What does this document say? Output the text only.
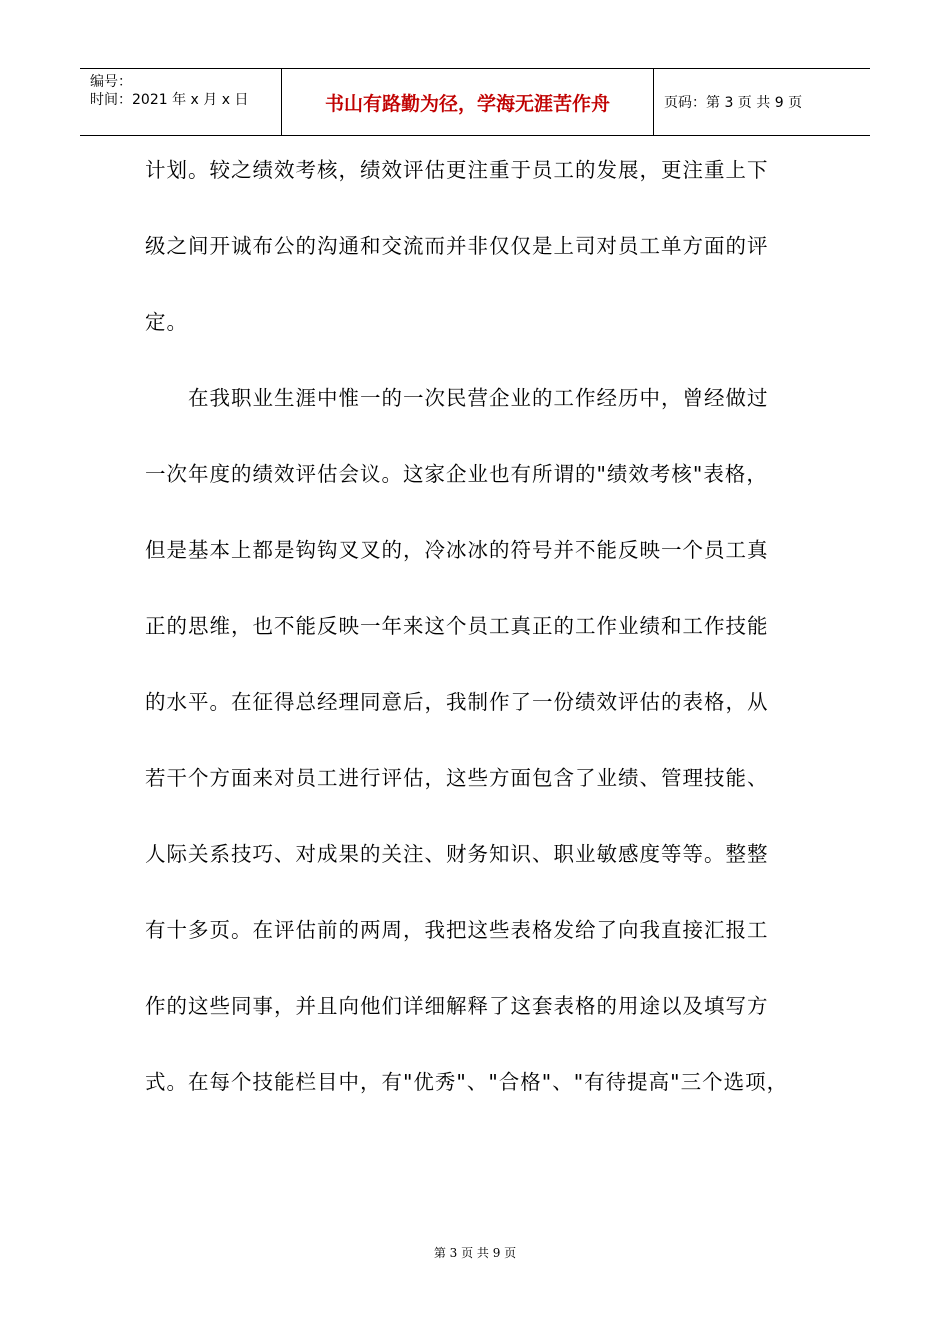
编号：
时间：2021 年 x 月 x 日	书山有路勤为径，学海无涯苦作舟	页码：第 3 页 共 9 页
计划。较之绩效考核，绩效评估更注重于员工的发展，更注重上下
级之间开诚布公的沟通和交流而并非仅仅是上司对员工单方面的评
定。
　　在我职业生涯中惟一的一次民营企业的工作经历中，曾经做过
一次年度的绩效评估会议。这家企业也有所谓的"绩效考核"表格，
但是基本上都是钩钩叉叉的，冷冰冰的符号并不能反映一个员工真
正的思维，也不能反映一年来这个员工真正的工作业绩和工作技能
的水平。在征得总经理同意后，我制作了一份绩效评估的表格，从
若干个方面来对员工进行评估，这些方面包含了业绩、管理技能、
人际关系技巧、对成果的关注、财务知识、职业敏感度等等。整整
有十多页。在评估前的两周，我把这些表格发给了向我直接汇报工
作的这些同事，并且向他们详细解释了这套表格的用途以及填写方
式。在每个技能栏目中，有"优秀"、"合格"、"有待提高"三个选项，
第 3 页 共 9 页
